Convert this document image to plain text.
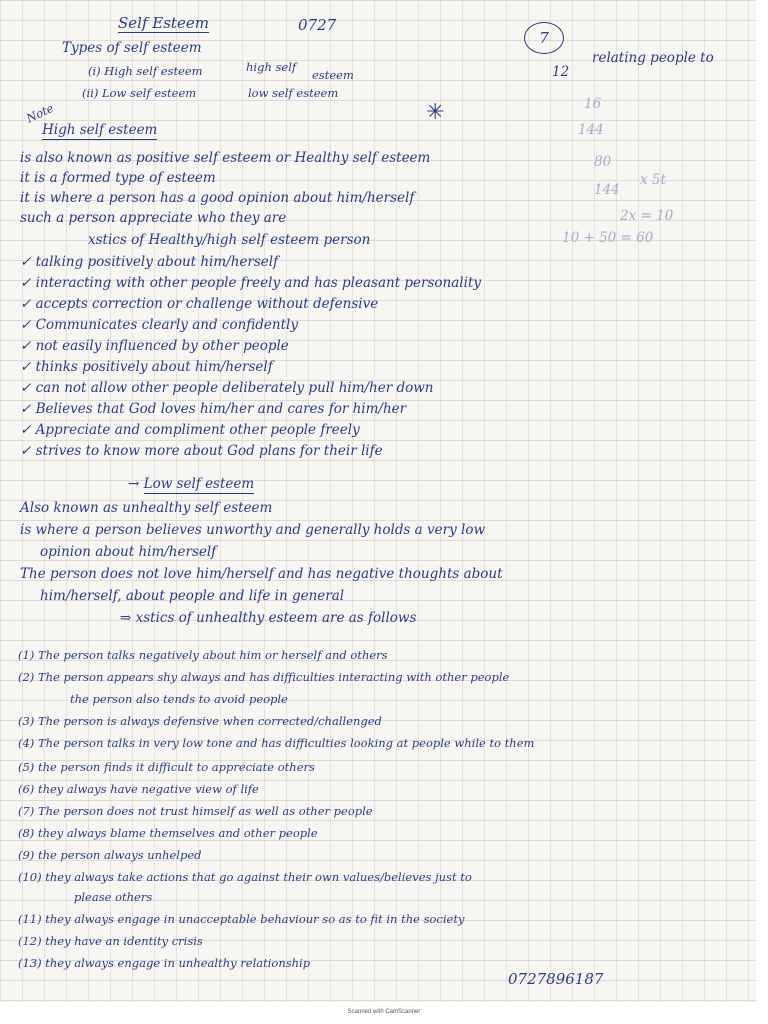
Self Esteem	0727
7
relating people to
12
Note
Types of self esteem
(i) High self esteem
(ii) Low self esteem
high self
esteem
low self esteem
✳	16
144
80
144
x 5t
2x = 10
10 + 50 = 60
High self esteem
is also known as positive self esteem or Healthy self esteem
it is a formed type of esteem
it is where a person has a good opinion about him/herself
such a person appreciate who they are
xstics of Healthy/high self esteem person
✓ talking positively about him/herself
✓ interacting with other people freely and has pleasant personality
✓ accepts correction or challenge without defensive
✓ Communicates clearly and confidently
✓ not easily influenced by other people
✓ thinks positively about him/herself
✓ can not allow other people deliberately pull him/her down
✓ Believes that God loves him/her and cares for him/her
✓ Appreciate and compliment other people freely
✓ strives to know more about God plans for their life
→ Low self esteem
Also known as unhealthy self esteem
is where a person believes unworthy and generally holds a very low
opinion about him/herself
The person does not love him/herself and has negative thoughts about
him/herself, about people and life in general
⇒ xstics of unhealthy esteem are as follows
(1) The person talks negatively about him or herself and others
(2) The person appears shy always and has difficulties interacting with other people
the person also tends to avoid people
(3) The person is always defensive when corrected/challenged
(4) The person talks in very low tone and has difficulties looking at people while to them
(5) the person finds it difficult to appreciate others
(6) they always have negative view of life
(7) The person does not trust himself as well as other people
(8) they always blame themselves and other people
(9) the person always unhelped
(10) they always take actions that go against their own values/believes just to
please others
(11) they always engage in unacceptable behaviour so as to fit in the society
(12) they have an identity crisis
(13) they always engage in unhealthy relationship
0727896187
Scanned with CamScanner
